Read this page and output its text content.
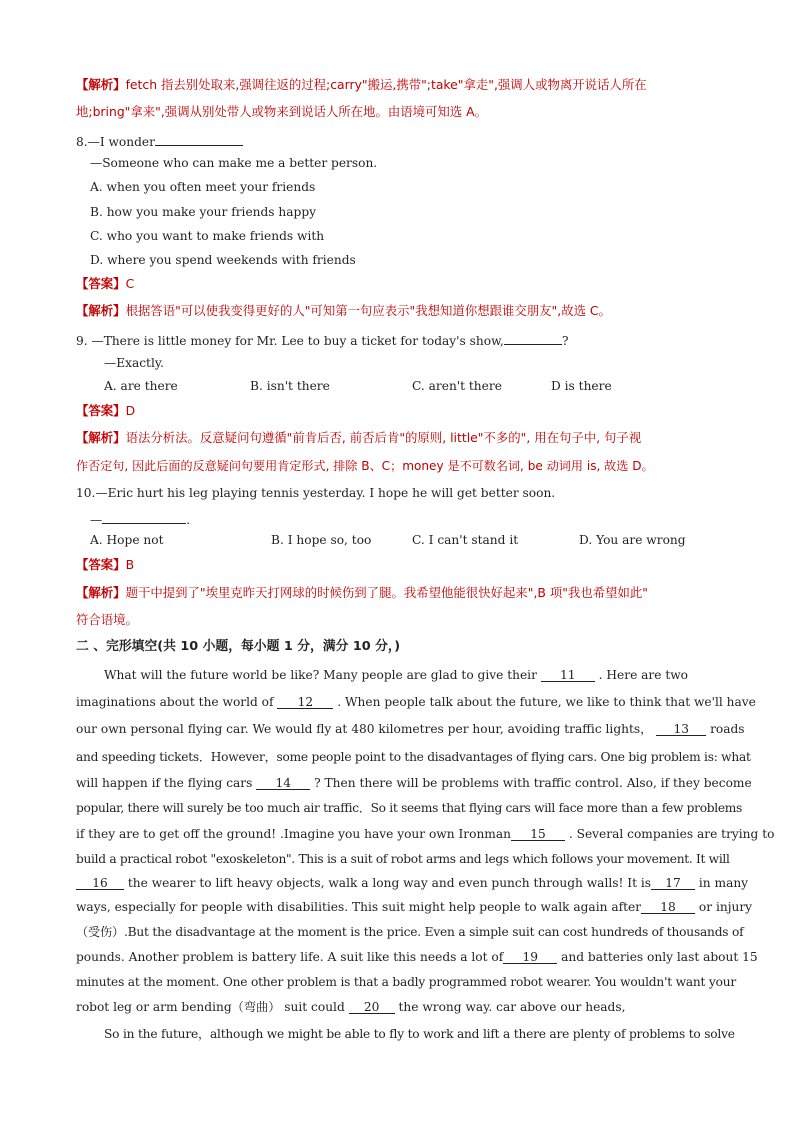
【解析】fetch 指去别处取来,强调往返的过程;carry"搬运,携带";take"拿走",强调人或物离开说话人所在
地;bring"拿来",强调从别处带人或物来到说话人所在地。由语境可知选 A。
8.—I wonder
—Someone who can make me a better person.
A. when you often meet your friends
B. how you make your friends happy
C. who you want to make friends with
D. where you spend weekends with friends
【答案】C
【解析】根据答语"可以使我变得更好的人"可知第一句应表示"我想知道你想跟谁交朋友",故选 C。
9. —There is little money for Mr. Lee to buy a ticket for today's show,	?
—Exactly.
A. are there	B. isn't there	C. aren't there	D is there
【答案】D
【解析】语法分析法。反意疑问句遵循"前肯后否, 前否后肯"的原则, little"不多的", 用在句子中, 句子视
作否定句, 因此后面的反意疑问句要用肯定形式, 排除 B、C；money 是不可数名词, be 动词用 is, 故选 D。
10.—Eric hurt his leg playing tennis yesterday. I hope he will get better soon.
—	.
A. Hope not	B. I hope so, too	C. I can't stand it	D. You are wrong
【答案】B
【解析】题干中提到了"埃里克昨天打网球的时候伤到了腿。我希望他能很快好起来",B 项"我也希望如此"
符合语境。
二 、完形填空(共 10 小题，每小题 1 分，满分 10 分，)
What will the future world be like? Many people are glad to give their 11 . Here are two
imaginations about the world of 12 . When people talk about the future, we like to think that we'll have
our own personal flying car. We would fly at 480 kilometres per hour, avoiding traffic lights， 13 roads
and speeding tickets．However，some people point to the disadvantages of flying cars. One big problem is: what
will happen if the flying cars 14 ? Then there will be problems with traffic control. Also, if they become
popular, there will surely be too much air traffic．So it seems that flying cars will face more than a few problems
if they are to get off the ground! .Imagine you have your own Ironman 15 . Several companies are trying to
build a practical robot "exoskeleton". This is a suit of robot arms and legs which follows your movement. It will
16 the wearer to lift heavy objects, walk a long way and even punch through walls! It is 17 in many
ways, especially for people with disabilities. This suit might help people to walk again after 18 or injury
（受伤）.But the disadvantage at the moment is the price. Even a simple suit can cost hundreds of thousands of
pounds. Another problem is battery life. A suit like this needs a lot of 19 and batteries only last about 15
minutes at the moment. One other problem is that a badly programmed robot wearer. You wouldn't want your
robot leg or arm bending（弯曲） suit could 20 the wrong way. car above our heads,
So in the future，although we might be able to fly to work and lift a there are plenty of problems to solve
